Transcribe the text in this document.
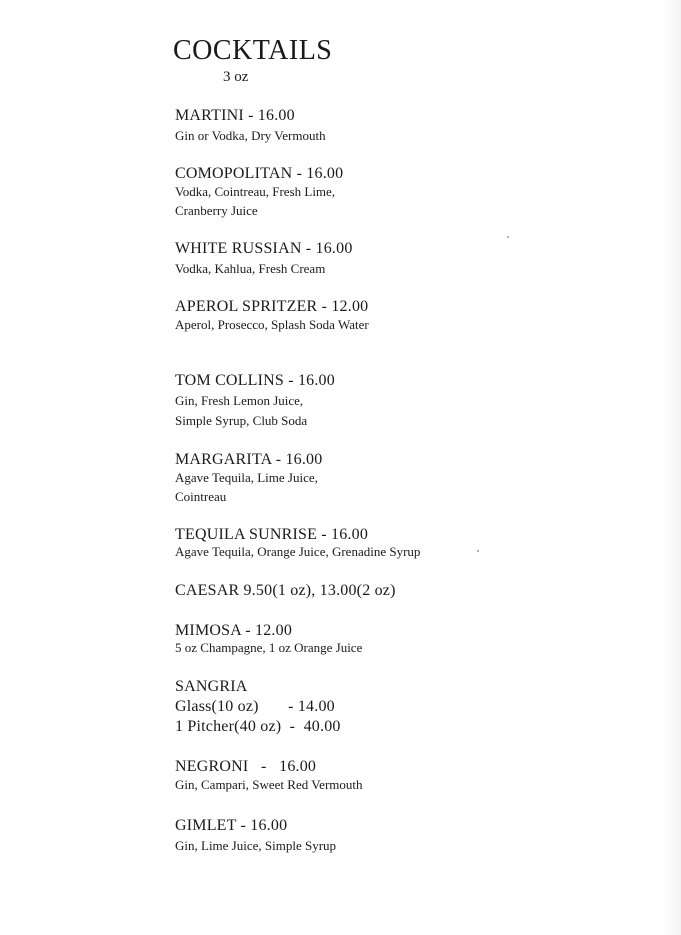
COCKTAILS
3 oz
MARTINI - 16.00
Gin or Vodka, Dry Vermouth
COMOPOLITAN - 16.00
Vodka, Cointreau, Fresh Lime,
Cranberry Juice
WHITE RUSSIAN - 16.00
Vodka, Kahlua, Fresh Cream
APEROL SPRITZER - 12.00
Aperol, Prosecco, Splash Soda Water
TOM COLLINS - 16.00
Gin, Fresh Lemon Juice,
Simple Syrup, Club Soda
MARGARITA - 16.00
Agave Tequila, Lime Juice,
Cointreau
TEQUILA SUNRISE - 16.00
Agave Tequila, Orange Juice, Grenadine Syrup
CAESAR 9.50(1 oz), 13.00(2 oz)
MIMOSA - 12.00
5 oz Champagne, 1 oz Orange Juice
SANGRIA
Glass(10 oz)       - 14.00
1 Pitcher(40 oz)  -  40.00
NEGRONI   -   16.00
Gin, Campari, Sweet Red Vermouth
GIMLET - 16.00
Gin, Lime Juice, Simple Syrup
